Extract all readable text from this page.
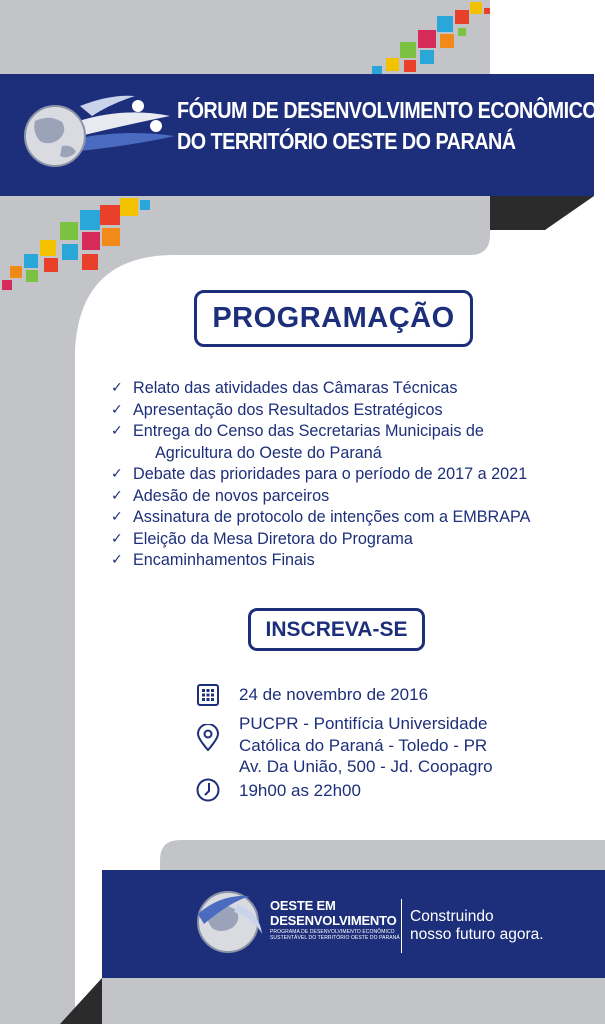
FÓRUM DE DESENVOLVIMENTO ECONÔMICO
DO TERRITÓRIO OESTE DO PARANÁ
PROGRAMAÇÃO
✓ Relato das atividades das Câmaras Técnicas
✓ Apresentação dos Resultados Estratégicos
✓ Entrega do Censo das Secretarias Municipais de
Agricultura do Oeste do Paraná
✓ Debate das prioridades para o período de 2017 a 2021
✓ Adesão de novos parceiros
✓ Assinatura de protocolo de intenções com a EMBRAPA
✓ Eleição da Mesa Diretora do Programa
✓ Encaminhamentos Finais
INSCREVA-SE
24 de novembro de 2016
PUCPR - Pontifícia Universidade
Católica do Paraná - Toledo - PR
Av. Da União, 500 - Jd. Coopagro
19h00 as 22h00
OESTE EM
DESENVOLVIMENTO
PROGRAMA DE DESENVOLVIMENTO ECONÔMICO
SUSTENTÁVEL DO TERRITÓRIO OESTE DO PARANÁ
Construindo
nosso futuro agora.
